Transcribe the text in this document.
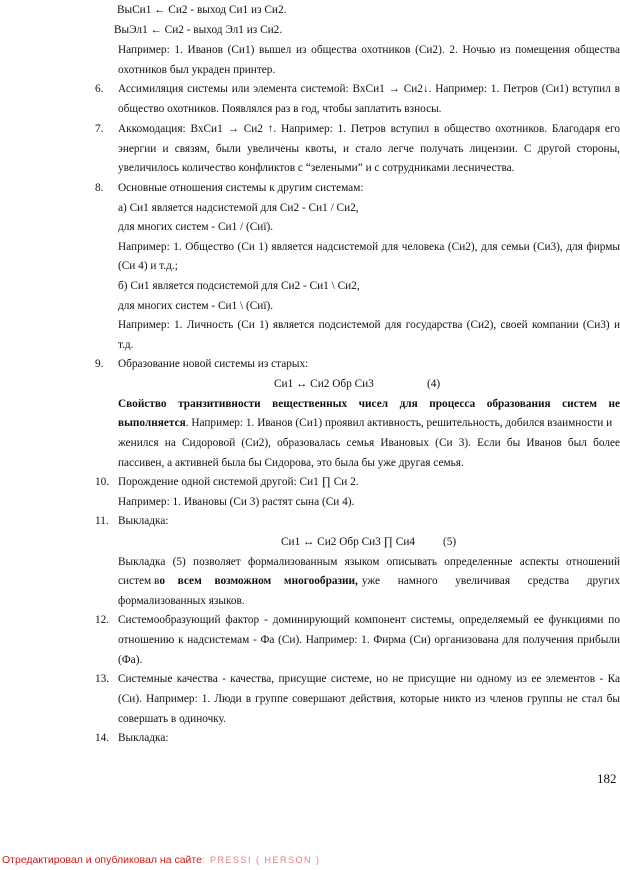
ВыСи1 ← Си2 - выход Си1 из Си2.
ВыЭл1 ← Си2 - выход Эл1 из Си2.
Например: 1. Иванов (Си1) вышел из общества охотников (Си2). 2. Ночью из помещения общества
охотников был украден принтер.
6. Ассимиляция системы или элемента системой: ВхСи1 → Си2↓. Например: 1. Петров (Си1) вступил в
общество охотников. Появлялся раз в год, чтобы заплатить взносы.
7. Аккомодация: ВхСи1 → Си2 ↑. Например: 1. Петров вступил в общество охотников. Благодаря его
энергии и связям, были увеличены квоты, и стало легче получать лицензии. С другой стороны,
увеличилось количество конфликтов с “зелеными” и с сотрудниками лесничества.
8. Основные отношения системы к другим системам:
а) Си1 является надсистемой для Си2 - Си1 / Си2,
для многих систем - Си1 / (Сиї).
Например: 1. Общество (Си 1) является надсистемой для человека (Си2), для семьи (Си3), для фирмы
(Си 4) и т.д.;
б) Си1 является подсистемой для Си2 - Си1 \ Си2,
для многих систем - Си1 \ (Сиї).
Например: 1. Личность (Си 1) является подсистемой для государства (Си2), своей компании (Си3) и
т.д.
9. Образование новой системы из старых:
Си1 ↔ Си2 Обр Си3	(4)
Свойство транзитивности вещественных чисел для процесса образования систем не
выполняется. Например: 1. Иванов (Си1) проявил активность, решительность, добился взаимности и
женился на Сидоровой (Си2), образовалась семья Ивановых (Си 3). Если бы Иванов был более
пассивен, а активней была бы Сидорова, это была бы уже другая семья.
10. Порождение одной системой другой: Си1 ∏ Си 2.
Например: 1. Ивановы (Си 3) растят сына (Си 4).
11. Выкладка:
Си1 ↔ Си2 Обр Си3 ∏ Си4 (5)
Выкладка (5) позволяет формализованным языком описывать определенные аспекты отношений
систем в о всем возможном многообразии, уже намного увеличивая средства других
формализованных языков.
12. Системообразующий фактор - доминирующий компонент системы, определяемый ее функциями по
отношению к надсистемам - Фа (Си). Например: 1. Фирма (Си) организована для получения прибыли
(Фа).
13. Системные качества - качества, присущие системе, но не присущие ни одному из ее элементов - Ка
(Си). Например: 1. Люди в группе совершают действия, которые никто из членов группы не стал бы
совершать в одиночку.
14. Выкладка:
182
Отредактировал и опубликовал на сайте: PRESSI ( HERSON )
